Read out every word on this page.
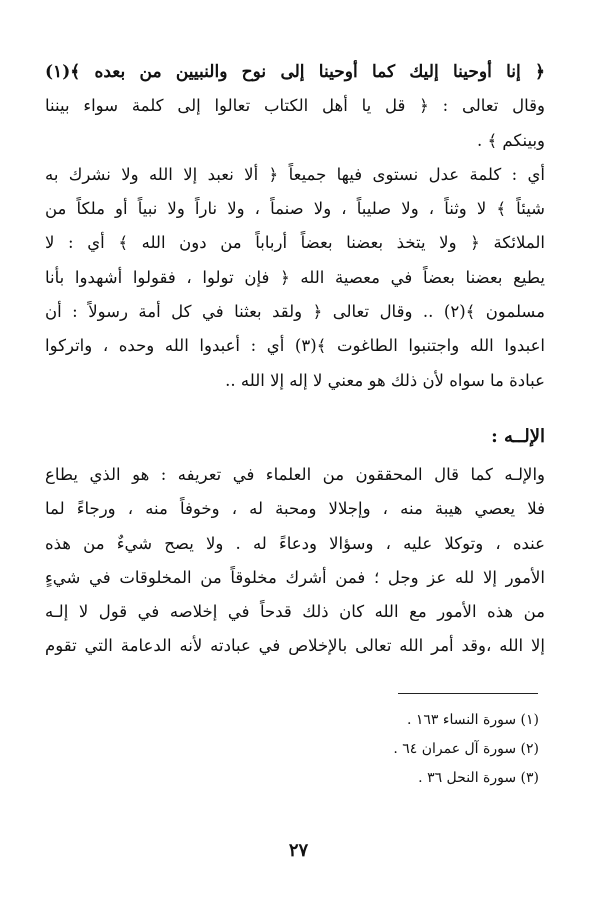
﴿ إنا أوحينا إليك كما أوحينا إلى نوح والنبيين من بعده ﴾(١)
وقال تعالى : ﴿ قل يا أهل الكتاب تعالوا إلى كلمة سواء بيننا
وبينكم ﴾ .
أي : كلمة عدل نستوى فيها جميعاً ﴿ ألا نعبد إلا الله ولا نشرك به
شيئاً ﴾ لا وثناً ، ولا صليباً ، ولا صنماً ، ولا ناراً ولا نبياً أو ملكاً من
الملائكة ﴿ ولا يتخذ بعضنا بعضاً أرباباً من دون الله ﴾ أي : لا
يطيع بعضنا بعضاً في معصية الله ﴿ فإن تولوا ، فقولوا أشهدوا بأنا
مسلمون ﴾(٢) .. وقال تعالى ﴿ ولقد بعثنا في كل أمة رسولاً : أن
اعبدوا الله واجتنبوا الطاغوت ﴾(٣) أي : أعبدوا الله وحده ، واتركوا
عبادة ما سواه لأن ذلك هو معني لا إله إلا الله ..
الإلــه :
والإلـه كما قال المحققون من العلماء في تعريفه : هو الذي يطاع
فلا يعصي هيبة منه ، وإجلالا ومحبة له ، وخوفاً منه ، ورجاءً لما
عنده ، وتوكلا عليه ، وسؤالا ودعاءً له . ولا يصح شيءٌ من هذه
الأمور إلا لله عز وجل ؛ فمن أشرك مخلوقاً من المخلوقات في شيءٍ
من هذه الأمور مع الله كان ذلك قدحاً في إخلاصه في قول لا إلـه
إلا الله ،وقد أمر الله تعالى بالإخلاص في عبادته لأنه الدعامة التي تقوم
(١) سورة النساء ١٦٣ .
(٢) سورة آل عمران ٦٤ .
(٣) سورة النحل ٣٦ .
٢٧
